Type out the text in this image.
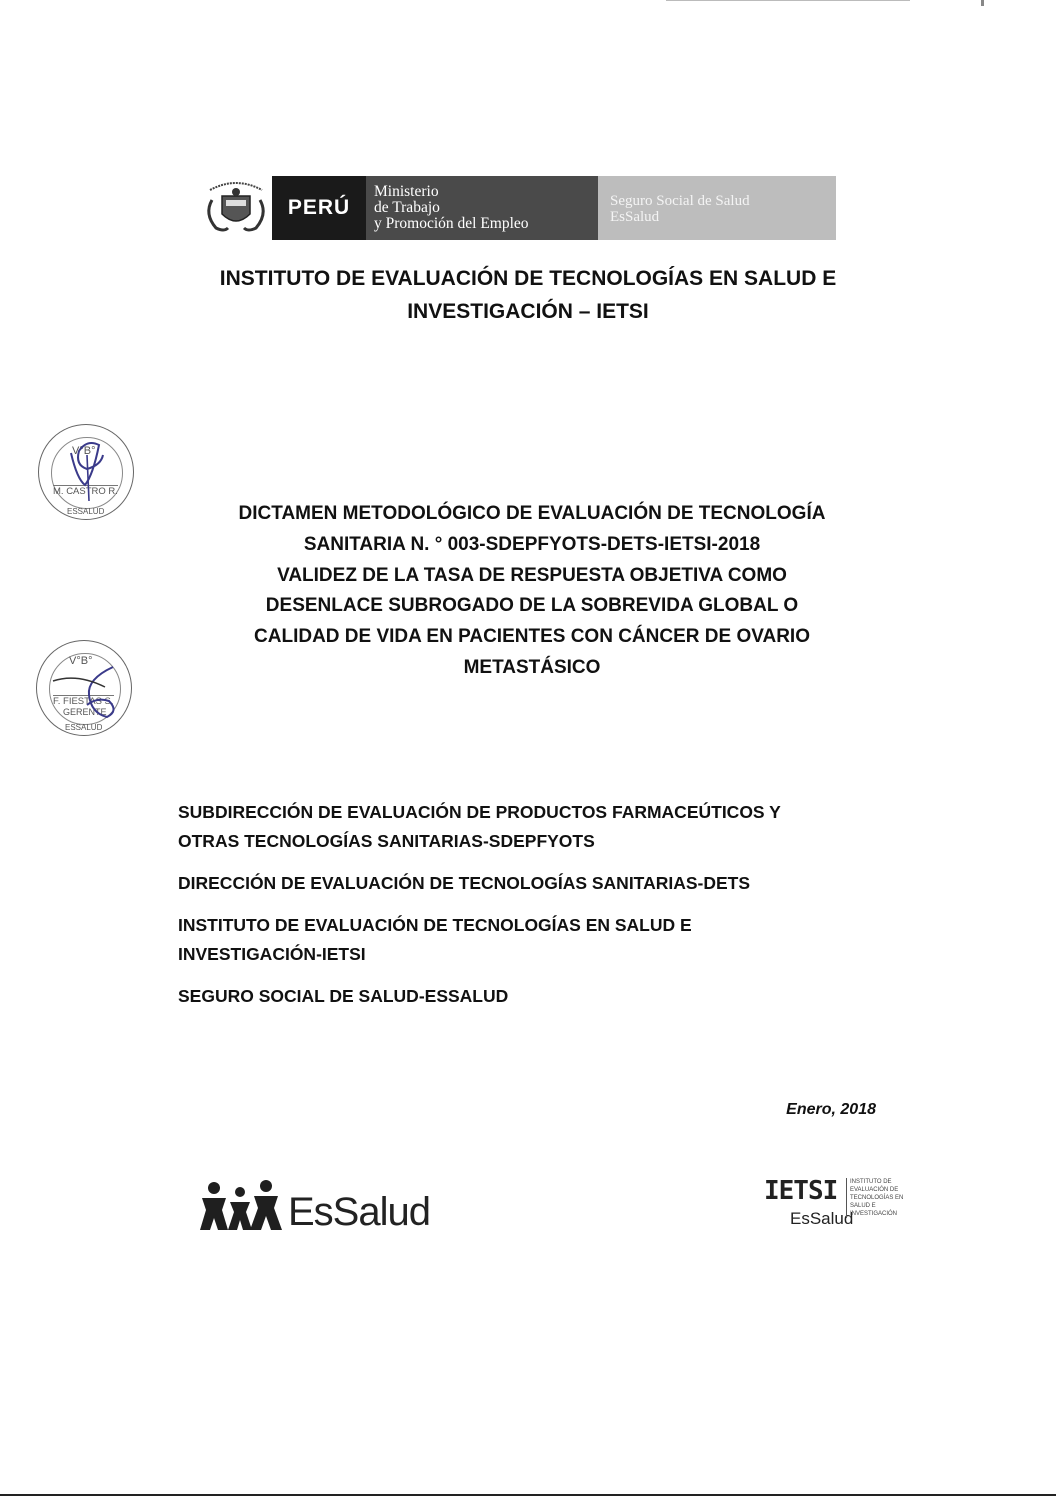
PERÚ
Ministerio
de Trabajo
y Promoción del Empleo
Seguro Social de Salud
EsSalud
INSTITUTO DE EVALUACIÓN DE TECNOLOGÍAS EN SALUD E
INVESTIGACIÓN – IETSI
V°B°
M. CASTRO R.
ESSALUD	DICTAMEN METODOLÓGICO DE EVALUACIÓN DE TECNOLOGÍA
SANITARIA N. ° 003-SDEPFYOTS-DETS-IETSI-2018
VALIDEZ DE LA TASA DE RESPUESTA OBJETIVA COMO
DESENLACE SUBROGADO DE LA SOBREVIDA GLOBAL O
CALIDAD DE VIDA EN PACIENTES CON CÁNCER DE OVARIO
METASTÁSICO
V°B°
F. FIESTAS S.
GERENTE
ESSALUD
SUBDIRECCIÓN DE EVALUACIÓN DE PRODUCTOS FARMACEÚTICOS Y
OTRAS TECNOLOGÍAS SANITARIAS-SDEPFYOTS
DIRECCIÓN DE EVALUACIÓN DE TECNOLOGÍAS SANITARIAS-DETS
INSTITUTO DE EVALUACIÓN DE TECNOLOGÍAS EN SALUD E
INVESTIGACIÓN-IETSI
SEGURO SOCIAL DE SALUD-ESSALUD
Enero, 2018
EsSalud	IETSI
EsSalud
INSTITUTO DE
EVALUACIÓN DE
TECNOLOGÍAS EN
SALUD E
INVESTIGACIÓN
